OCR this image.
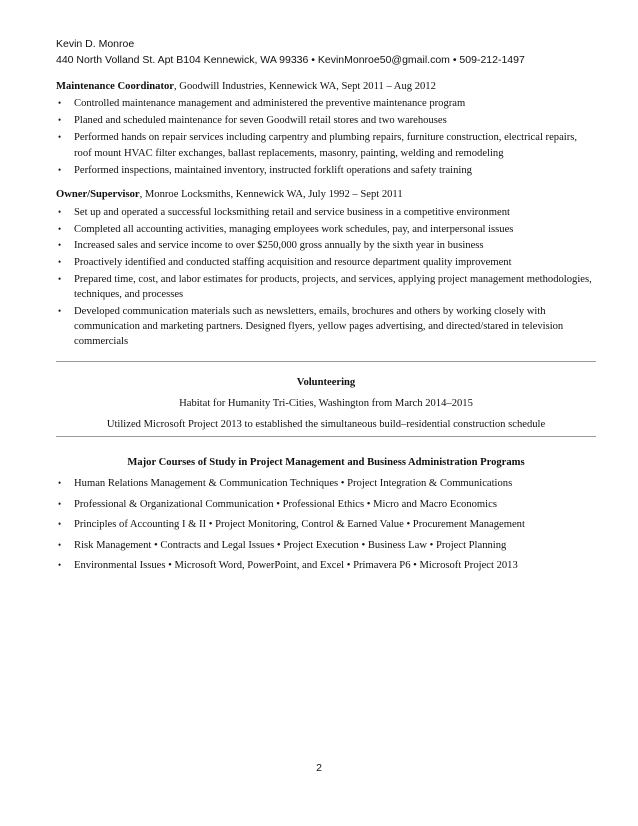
Kevin D. Monroe
440 North Volland St. Apt B104 Kennewick, WA 99336 • KevinMonroe50@gmail.com • 509-212-1497
Maintenance Coordinator, Goodwill Industries, Kennewick WA, Sept 2011 – Aug 2012
• Controlled maintenance management and administered the preventive maintenance program
• Planed and scheduled maintenance for seven Goodwill retail stores and two warehouses
• Performed hands on repair services including carpentry and plumbing repairs, furniture construction, electrical repairs, roof mount HVAC filter exchanges, ballast replacements, masonry, painting, welding and remodeling
• Performed inspections, maintained inventory, instructed forklift operations and safety training
Owner/Supervisor, Monroe Locksmiths, Kennewick WA, July 1992 – Sept 2011
• Set up and operated a successful locksmithing retail and service business in a competitive environment
• Completed all accounting activities, managing employees work schedules, pay, and interpersonal issues
• Increased sales and service income to over $250,000 gross annually by the sixth year in business
• Proactively identified and conducted staffing acquisition and resource department quality improvement
• Prepared time, cost, and labor estimates for products, projects, and services, applying project management methodologies, techniques, and processes
• Developed communication materials such as newsletters, emails, brochures and others by working closely with communication and marketing partners. Designed flyers, yellow pages advertising, and directed/stared in television commercials
Volunteering
Habitat for Humanity Tri-Cities, Washington from March 2014–2015
Utilized Microsoft Project 2013 to established the simultaneous build–residential construction schedule
Major Courses of Study in Project Management and Business Administration Programs
• Human Relations Management & Communication Techniques • Project Integration & Communications
• Professional & Organizational Communication • Professional Ethics • Micro and Macro Economics
• Principles of Accounting I & II • Project Monitoring, Control & Earned Value • Procurement Management
• Risk Management • Contracts and Legal Issues • Project Execution • Business Law • Project Planning
• Environmental Issues • Microsoft Word, PowerPoint, and Excel • Primavera P6 • Microsoft Project 2013
2
